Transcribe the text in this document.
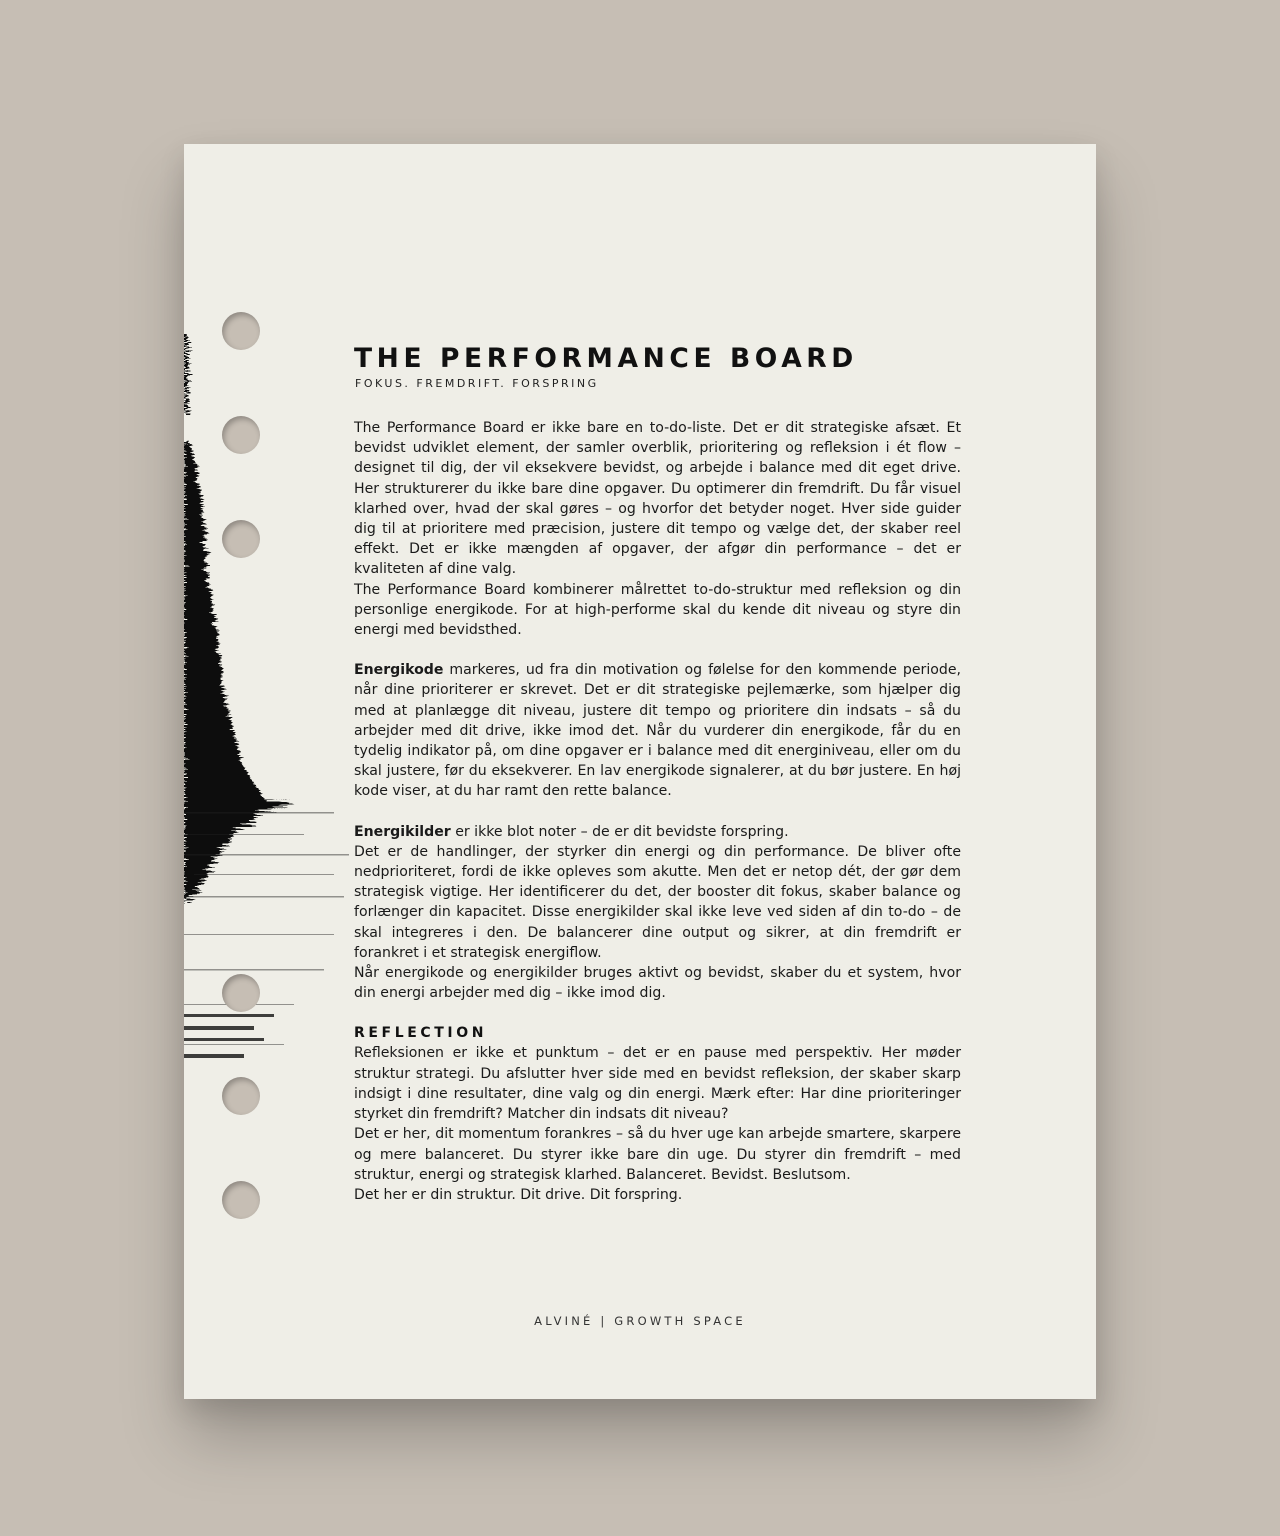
THE PERFORMANCE BOARD

FOKUS. FREMDRIFT. FORSPRING

The Performance Board er ikke bare en to-do-liste. Det er dit strategiske afsæt. Et bevidst udviklet element, der samler overblik, prioritering og refleksion i ét flow – designet til dig, der vil eksekvere bevidst, og arbejde i balance med dit eget drive. Her strukturerer du ikke bare dine opgaver. Du optimerer din fremdrift. Du får visuel klarhed over, hvad der skal gøres – og hvorfor det betyder noget. Hver side guider dig til at prioritere med præcision, justere dit tempo og vælge det, der skaber reel effekt. Det er ikke mængden af opgaver, der afgør din performance – det er kvaliteten af dine valg.

The Performance Board kombinerer målrettet to-do-struktur med refleksion og din personlige energikode. For at high-performe skal du kende dit niveau og styre din energi med bevidsthed.

Energikode markeres, ud fra din motivation og følelse for den kommende periode, når dine prioriterer er skrevet. Det er dit strategiske pejlemærke, som hjælper dig med at planlægge dit niveau, justere dit tempo og prioritere din indsats – så du arbejder med dit drive, ikke imod det. Når du vurderer din energikode, får du en tydelig indikator på, om dine opgaver er i balance med dit energiniveau, eller om du skal justere, før du eksekverer. En lav energikode signalerer, at du bør justere. En høj kode viser, at du har ramt den rette balance.

Energikilder er ikke blot noter – de er dit bevidste forspring.

Det er de handlinger, der styrker din energi og din performance. De bliver ofte nedprioriteret, fordi de ikke opleves som akutte. Men det er netop dét, der gør dem strategisk vigtige. Her identificerer du det, der booster dit fokus, skaber balance og forlænger din kapacitet. Disse energikilder skal ikke leve ved siden af din to-do – de skal integreres i den. De balancerer dine output og sikrer, at din fremdrift er forankret i et strategisk energiflow.

Når energikode og energikilder bruges aktivt og bevidst, skaber du et system, hvor din energi arbejder med dig – ikke imod dig.

REFLECTION

Refleksionen er ikke et punktum – det er en pause med perspektiv. Her møder struktur strategi. Du afslutter hver side med en bevidst refleksion, der skaber skarp indsigt i dine resultater, dine valg og din energi. Mærk efter: Har dine prioriteringer styrket din fremdrift? Matcher din indsats dit niveau?

Det er her, dit momentum forankres – så du hver uge kan arbejde smartere, skarpere og mere balanceret. Du styrer ikke bare din uge. Du styrer din fremdrift – med struktur, energi og strategisk klarhed. Balanceret. Bevidst. Beslutsom.

Det her er din struktur. Dit drive. Dit forspring.

ALVINÉ | GROWTH SPACE
